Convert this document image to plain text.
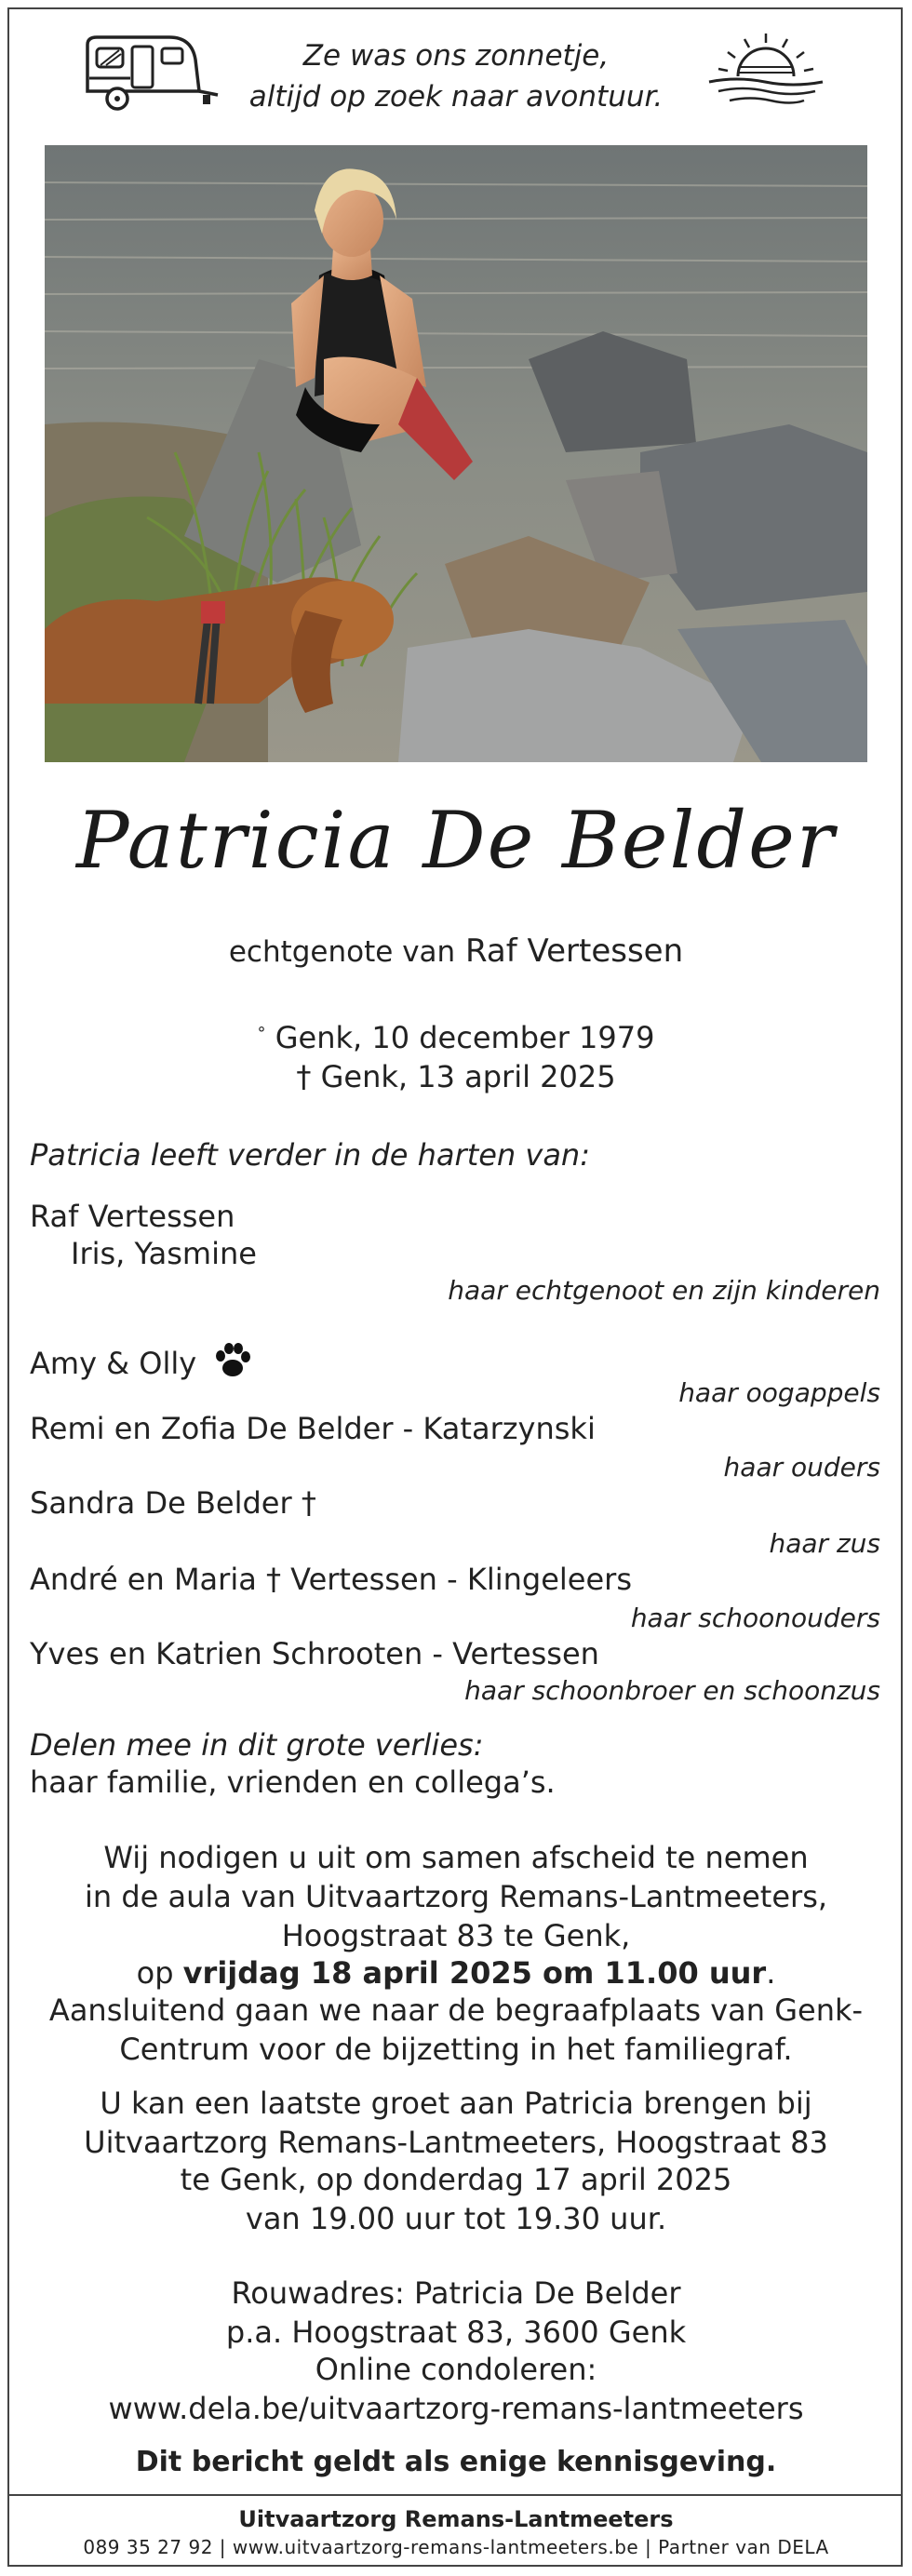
Ze was ons zonnetje,
altijd op zoek naar avontuur.
Patricia De Belder
echtgenote van Raf Vertessen
° Genk, 10 december 1979
† Genk, 13 april 2025
Patricia leeft verder in de harten van:
Raf Vertessen
Iris, Yasmine
haar echtgenoot en zijn kinderen
Amy & Olly
haar oogappels
Remi en Zofia De Belder - Katarzynski
haar ouders
Sandra De Belder †
haar zus
André en Maria † Vertessen - Klingeleers
haar schoonouders
Yves en Katrien Schrooten - Vertessen
haar schoonbroer en schoonzus
Delen mee in dit grote verlies:
haar familie, vrienden en collega’s.
Wij nodigen u uit om samen afscheid te nemen
in de aula van Uitvaartzorg Remans-Lantmeeters,
Hoogstraat 83 te Genk,
op vrijdag 18 april 2025 om 11.00 uur.
Aansluitend gaan we naar de begraafplaats van Genk-
Centrum voor de bijzetting in het familiegraf.
U kan een laatste groet aan Patricia brengen bij
Uitvaartzorg Remans-Lantmeeters, Hoogstraat 83
te Genk, op donderdag 17 april 2025
van 19.00 uur tot 19.30 uur.
Rouwadres: Patricia De Belder
p.a. Hoogstraat 83, 3600 Genk
Online condoleren:
www.dela.be/uitvaartzorg-remans-lantmeeters
Dit bericht geldt als enige kennisgeving.
Uitvaartzorg Remans-Lantmeeters
089 35 27 92 | www.uitvaartzorg-remans-lantmeeters.be | Partner van DELA
